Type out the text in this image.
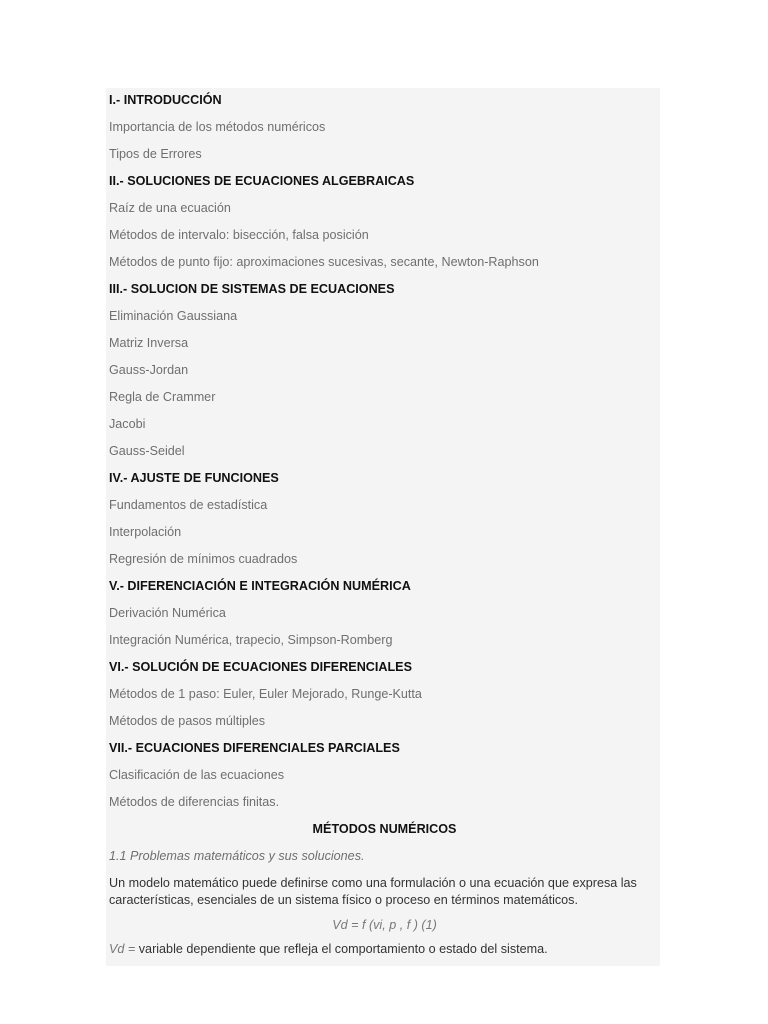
I.- INTRODUCCIÓN
Importancia de los métodos numéricos
Tipos de Errores
II.- SOLUCIONES DE ECUACIONES ALGEBRAICAS
Raíz de una ecuación
Métodos de intervalo: bisección, falsa posición
Métodos de punto fijo: aproximaciones sucesivas, secante, Newton-Raphson
III.- SOLUCION DE SISTEMAS DE ECUACIONES
Eliminación Gaussiana
Matriz Inversa
Gauss-Jordan
Regla de Crammer
Jacobi
Gauss-Seidel
IV.- AJUSTE DE FUNCIONES
Fundamentos de estadística
Interpolación
Regresión de mínimos cuadrados
V.- DIFERENCIACIÓN E INTEGRACIÓN NUMÉRICA
Derivación Numérica
Integración Numérica, trapecio, Simpson-Romberg
VI.- SOLUCIÓN DE ECUACIONES DIFERENCIALES
Métodos de 1 paso: Euler, Euler Mejorado, Runge-Kutta
Métodos de pasos múltiples
VII.- ECUACIONES DIFERENCIALES PARCIALES
Clasificación de las ecuaciones
Métodos de diferencias finitas.
MÉTODOS NUMÉRICOS
1.1 Problemas matemáticos y sus soluciones.
Un modelo matemático puede definirse como una formulación o una ecuación que expresa las características, esenciales de un sistema físico o proceso en términos matemáticos.
Vd = f (vi, p , f ) (1)
Vd = variable dependiente que refleja el comportamiento o estado del sistema.
